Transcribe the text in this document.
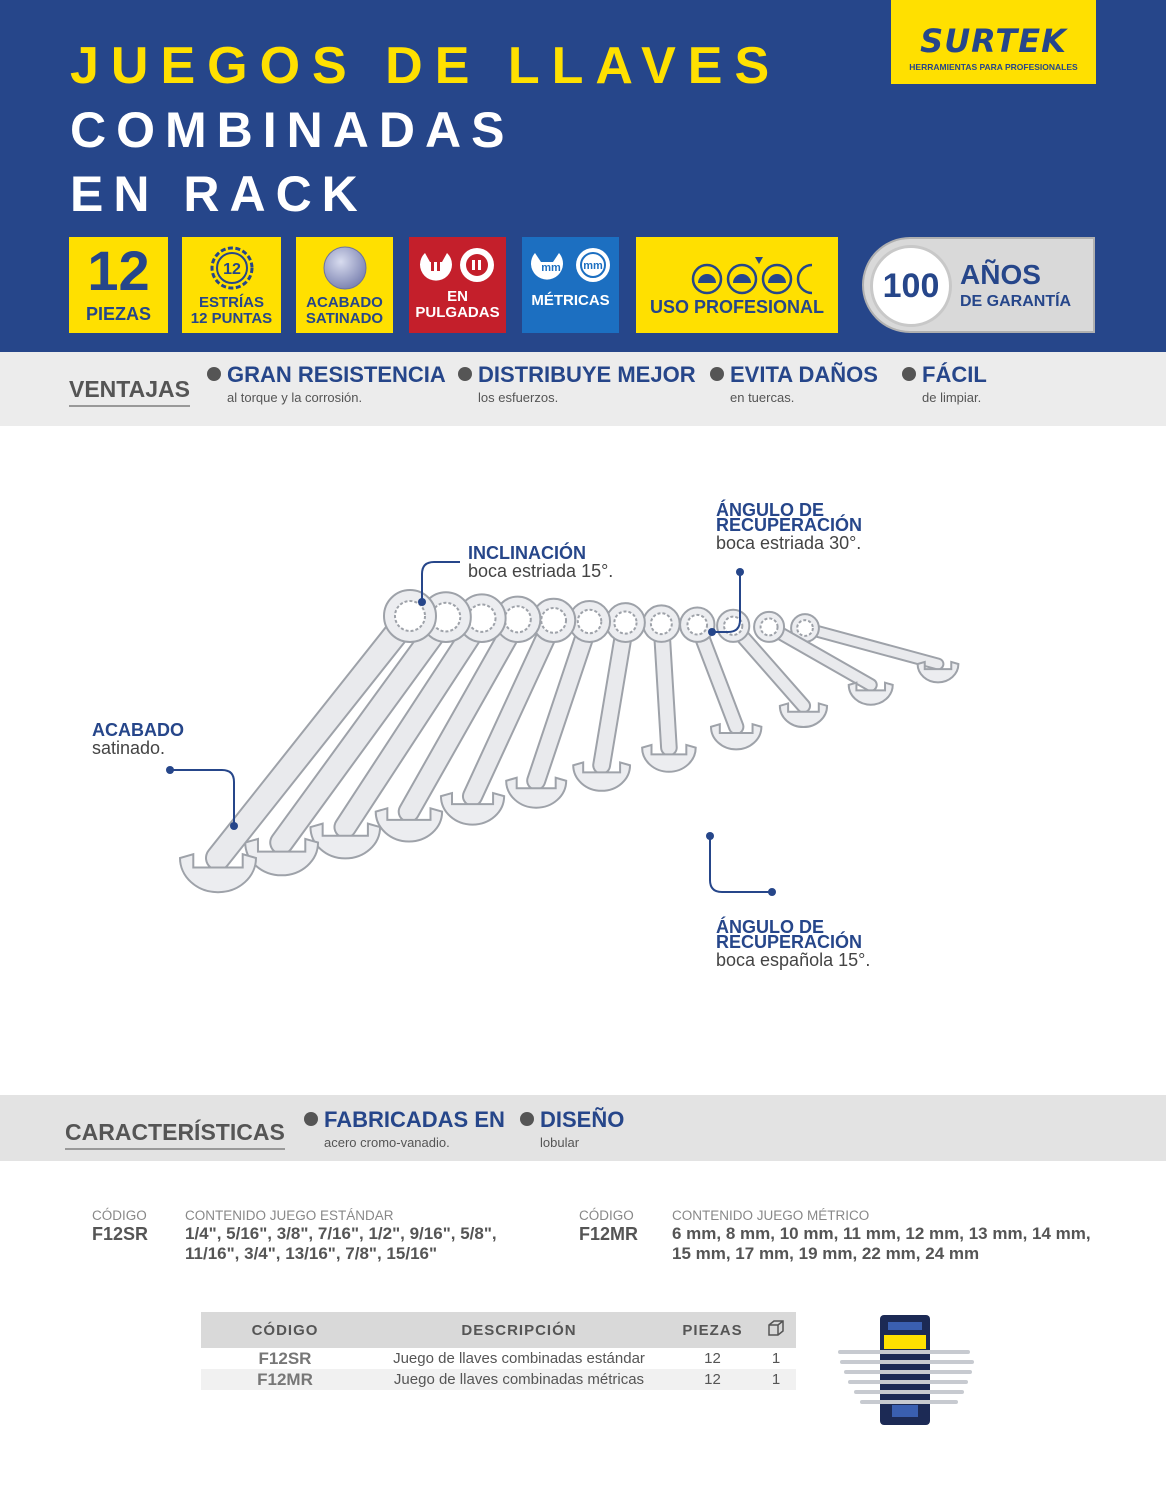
JUEGOS DE LLAVES
COMBINADAS
EN RACK
SURTEK
HERRAMIENTAS PARA PROFESIONALES
12
PIEZAS
12
ESTRÍAS
12 PUNTAS
ACABADO
SATINADO
EN
PULGADAS
mm mm
MÉTRICAS	USO PROFESIONAL
100 AÑOS
DE GARANTÍA
VENTAJAS
GRAN RESISTENCIA
al torque y la corrosión.
DISTRIBUYE MEJOR
los esfuerzos.
EVITA DAÑOS
en tuercas.
FÁCIL
de limpiar.
ACABADO
satinado.
INCLINACIÓN
boca estriada 15°.
ÁNGULO DE
RECUPERACIÓN
boca estriada 30°.
ÁNGULO DE
RECUPERACIÓN
boca española 15°.
CARACTERÍSTICAS FABRICADAS EN
acero cromo-vanadio.
DISEÑO
lobular
CÓDIGO
F12SR
CONTENIDO JUEGO ESTÁNDAR
1/4", 5/16", 3/8", 7/16", 1/2", 9/16", 5/8",
11/16", 3/4", 13/16", 7/8", 15/16"
CÓDIGO
F12MR
CONTENIDO JUEGO MÉTRICO
6 mm, 8 mm, 10 mm, 11 mm, 12 mm, 13 mm, 14 mm,
15 mm, 17 mm, 19 mm, 22 mm, 24 mm
CÓDIGO	DESCRIPCIÓN	PIEZAS	
F12SR	Juego de llaves combinadas estándar	12	1
F12MR	Juego de llaves combinadas métricas	12	1
